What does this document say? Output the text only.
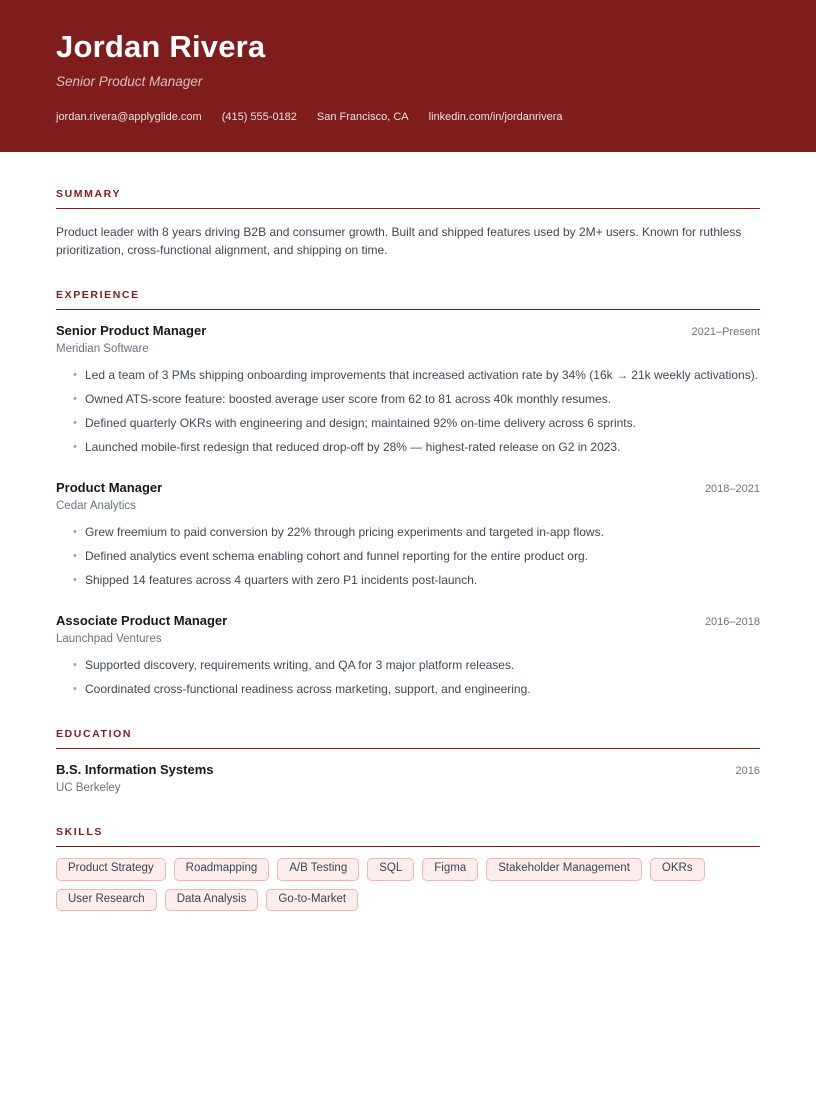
Jordan Rivera
Senior Product Manager
jordan.rivera@applyglide.com (415) 555-0182 San Francisco, CA linkedin.com/in/jordanrivera
SUMMARY

Product leader with 8 years driving B2B and consumer growth. Built and shipped features used by 2M+ users. Known for ruthless prioritization, cross-functional alignment, and shipping on time.

EXPERIENCE
Senior Product Manager	2021–Present
Meridian Software
• Led a team of 3 PMs shipping onboarding improvements that increased activation rate by 34% (16k → 21k weekly activations).
• Owned ATS-score feature: boosted average user score from 62 to 81 across 40k monthly resumes.
• Defined quarterly OKRs with engineering and design; maintained 92% on-time delivery across 6 sprints.
• Launched mobile-first redesign that reduced drop-off by 28% — highest-rated release on G2 in 2023.
Product Manager	2018–2021
Cedar Analytics
• Grew freemium to paid conversion by 22% through pricing experiments and targeted in-app flows.
• Defined analytics event schema enabling cohort and funnel reporting for the entire product org.
• Shipped 14 features across 4 quarters with zero P1 incidents post-launch.
Associate Product Manager	2016–2018
Launchpad Ventures
• Supported discovery, requirements writing, and QA for 3 major platform releases.
• Coordinated cross-functional readiness across marketing, support, and engineering.
EDUCATION
B.S. Information Systems	2016
UC Berkeley
SKILLS
Product Strategy	Roadmapping	A/B Testing	SQL	Figma	Stakeholder Management	OKRs
User Research	Data Analysis	Go-to-Market
